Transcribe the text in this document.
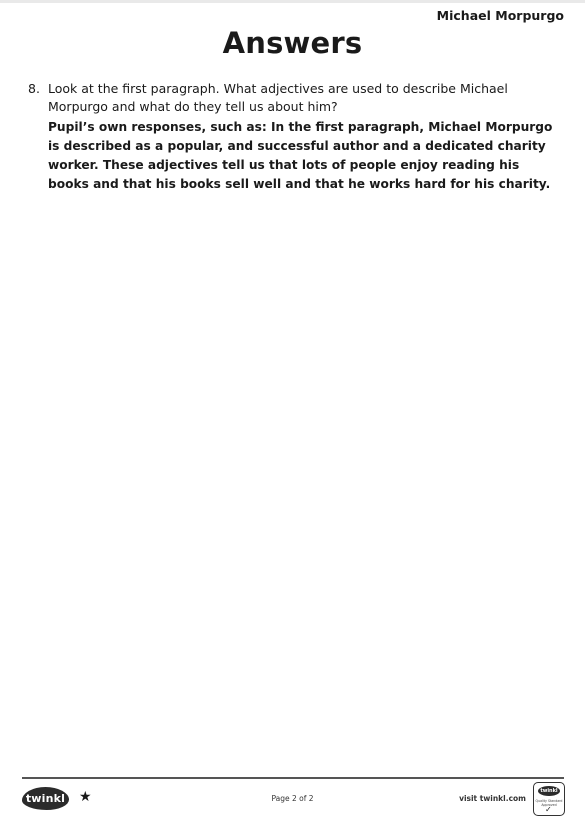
Michael Morpurgo
Answers
8. Look at the first paragraph. What adjectives are used to describe Michael Morpurgo and what do they tell us about him?
Pupil’s own responses, such as: In the first paragraph, Michael Morpurgo is described as a popular, and successful author and a dedicated charity worker. These adjectives tell us that lots of people enjoy reading his books and that his books sell well and that he works hard for his charity.
twinkl ★	Page 2 of 2	visit twinkl.com
twinkl
Quality Standard Approved
✓
